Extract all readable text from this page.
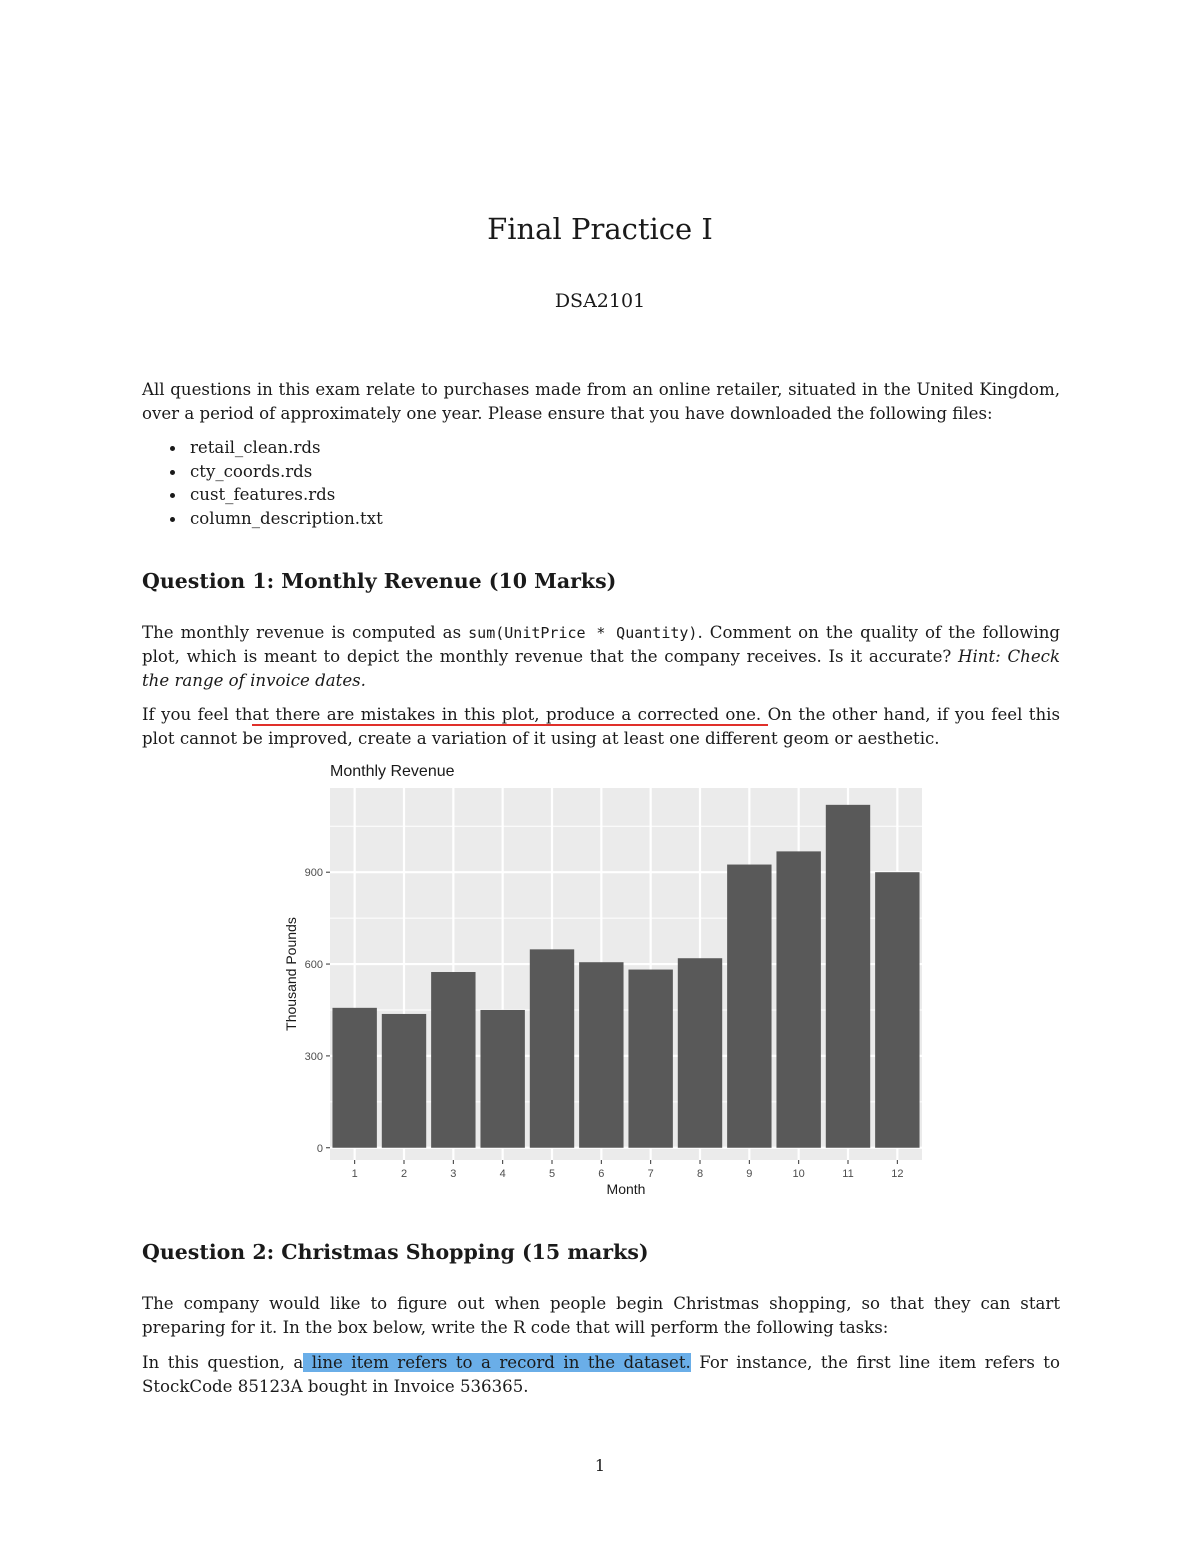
Final Practice I
DSA2101
All questions in this exam relate to purchases made from an online retailer, situated in the United Kingdom, over a period of approximately one year. Please ensure that you have downloaded the following files:
retail_clean.rds
cty_coords.rds
cust_features.rds
column_description.txt
Question 1: Monthly Revenue (10 Marks)
The monthly revenue is computed as sum(UnitPrice * Quantity). Comment on the quality of the following plot, which is meant to depict the monthly revenue that the company receives. Is it accurate? Hint: Check the range of invoice dates.
If you feel that there are mistakes in this plot, produce a corrected one. On the other hand, if you feel this plot cannot be improved, create a variation of it using at least one different geom or aesthetic.
Monthly Revenue
0
300
600
900
1	2	3	4	5	6	7	8	9	10	11	12
Month
Thousand Pounds
Question 2: Christmas Shopping (15 marks)
The company would like to figure out when people begin Christmas shopping, so that they can start preparing for it. In the box below, write the R code that will perform the following tasks:
In this question, a line item refers to a record in the dataset. For instance, the first line item refers to StockCode 85123A bought in Invoice 536365.
1
